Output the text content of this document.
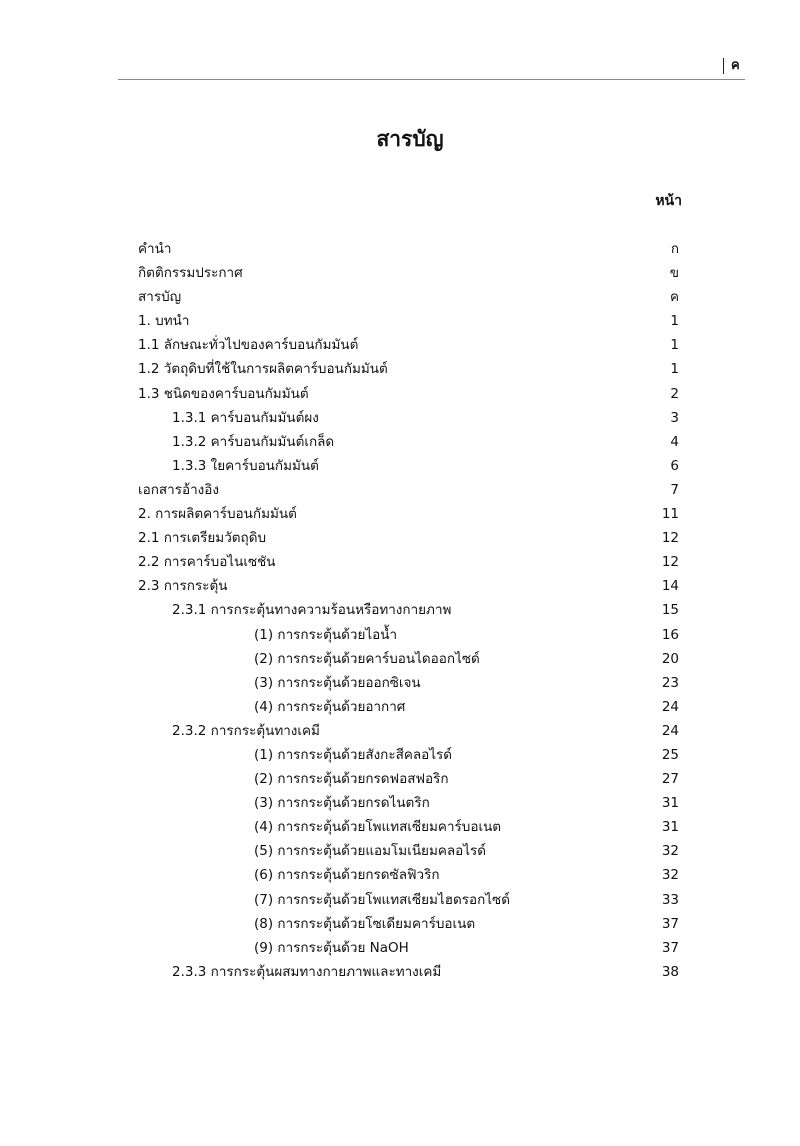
ค
สารบัญ
หน้า
คำนำ	ก
กิตติกรรมประกาศ	ข
สารบัญ	ค
1. บทนำ	1
1.1 ลักษณะทั่วไปของคาร์บอนกัมมันต์	1
1.2 วัตถุดิบที่ใช้ในการผลิตคาร์บอนกัมมันต์	1
1.3 ชนิดของคาร์บอนกัมมันต์	2
1.3.1 คาร์บอนกัมมันต์ผง	3
1.3.2 คาร์บอนกัมมันต์เกล็ด	4
1.3.3 ใยคาร์บอนกัมมันต์	6
เอกสารอ้างอิง	7
2. การผลิตคาร์บอนกัมมันต์	11
2.1 การเตรียมวัตถุดิบ	12
2.2 การคาร์บอไนเซชัน	12
2.3 การกระตุ้น	14
2.3.1 การกระตุ้นทางความร้อนหรือทางกายภาพ	15
(1) การกระตุ้นด้วยไอน้ำ	16
(2) การกระตุ้นด้วยคาร์บอนไดออกไซด์	20
(3) การกระตุ้นด้วยออกซิเจน	23
(4) การกระตุ้นด้วยอากาศ	24
2.3.2 การกระตุ้นทางเคมี	24
(1) การกระตุ้นด้วยสังกะสีคลอไรด์	25
(2) การกระตุ้นด้วยกรดฟอสฟอริก	27
(3) การกระตุ้นด้วยกรดไนตริก	31
(4) การกระตุ้นด้วยโพแทสเซียมคาร์บอเนต	31
(5) การกระตุ้นด้วยแอมโมเนียมคลอไรด์	32
(6) การกระตุ้นด้วยกรดซัลฟิวริก	32
(7) การกระตุ้นด้วยโพแทสเซียมไฮดรอกไซด์	33
(8) การกระตุ้นด้วยโซเดียมคาร์บอเนต	37
(9) การกระตุ้นด้วย NaOH	37
2.3.3 การกระตุ้นผสมทางกายภาพและทางเคมี	38
